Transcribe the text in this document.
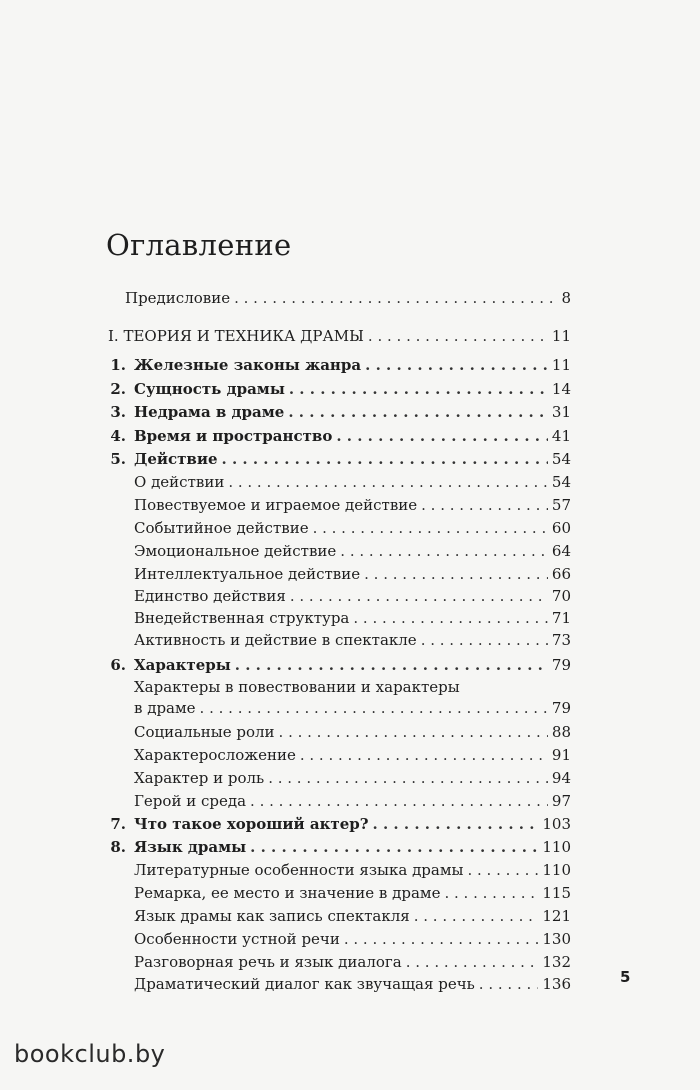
Оглавление
Предисловие . . .	8
I. ТЕОРИЯ И ТЕХНИКА ДРАМЫ . . .	11
1. Железные законы жанра . . .	11
2. Сущность драмы . . .	14
3. Недрама в драме . . .	31
4. Время и пространство . . .	41
5. Действие . . .	54
О действии . . .	54
Повествуемое и играемое действие . . .	57
Событийное действие . . .	60
Эмоциональное действие . . .	64
Интеллектуальное действие . . .	66
Единство действия . . .	70
Внедейственная структура . . .	71
Активность и действие в спектакле . . .	73
6. Характеры . . .	79
Характеры в повествовании и характеры
в драме . . .	79
Социальные роли . . .	88
Характеросложение . . .	91
Характер и роль . . .	94
Герой и среда . . .	97
7. Что такое хороший актер? . . .	103
8. Язык драмы . . .	110
Литературные особенности языка драмы . . .	110
Ремарка, ее место и значение в драме . . .	115
Язык драмы как запись спектакля . . .	121
Особенности устной речи . . .	130
Разговорная речь и язык диалога . . .	132
Драматический диалог как звучащая речь . . .	136	5
bookclub.by
